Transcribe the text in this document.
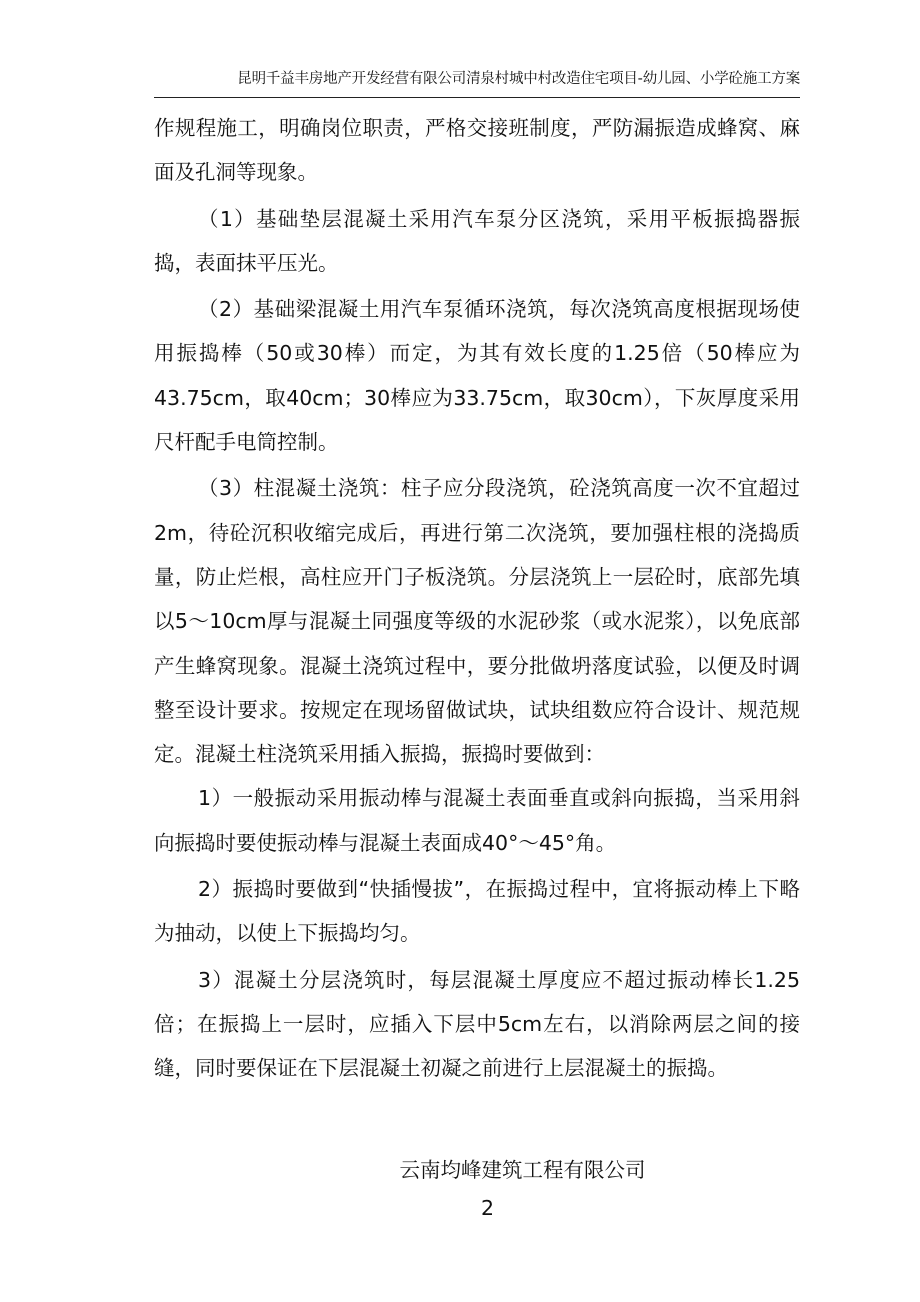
昆明千益丰房地产开发经营有限公司清泉村城中村改造住宅项目-幼儿园、小学砼施工方案

作规程施工，明确岗位职责，严格交接班制度，严防漏振造成蜂窝、麻面及孔洞等现象。

（1）基础垫层混凝土采用汽车泵分区浇筑，采用平板振捣器振捣，表面抹平压光。

（2）基础梁混凝土用汽车泵循环浇筑，每次浇筑高度根据现场使用振捣棒（50或30棒）而定，为其有效长度的1.25倍（50棒应为43.75cm，取40cm；30棒应为33.75cm，取30cm），下灰厚度采用尺杆配手电筒控制。

（3）柱混凝土浇筑：柱子应分段浇筑，砼浇筑高度一次不宜超过2m，待砼沉积收缩完成后，再进行第二次浇筑，要加强柱根的浇捣质量，防止烂根，高柱应开门子板浇筑。分层浇筑上一层砼时，底部先填以5～10cm厚与混凝土同强度等级的水泥砂浆（或水泥浆），以免底部产生蜂窝现象。混凝土浇筑过程中，要分批做坍落度试验，以便及时调整至设计要求。按规定在现场留做试块，试块组数应符合设计、规范规定。混凝土柱浇筑采用插入振捣，振捣时要做到：

1）一般振动采用振动棒与混凝土表面垂直或斜向振捣，当采用斜向振捣时要使振动棒与混凝土表面成40°～45°角。

2）振捣时要做到“快插慢拔”，在振捣过程中，宜将振动棒上下略为抽动，以使上下振捣均匀。

3）混凝土分层浇筑时，每层混凝土厚度应不超过振动棒长1.25倍；在振捣上一层时，应插入下层中5cm左右，以消除两层之间的接缝，同时要保证在下层混凝土初凝之前进行上层混凝土的振捣。

云南均峰建筑工程有限公司
2
